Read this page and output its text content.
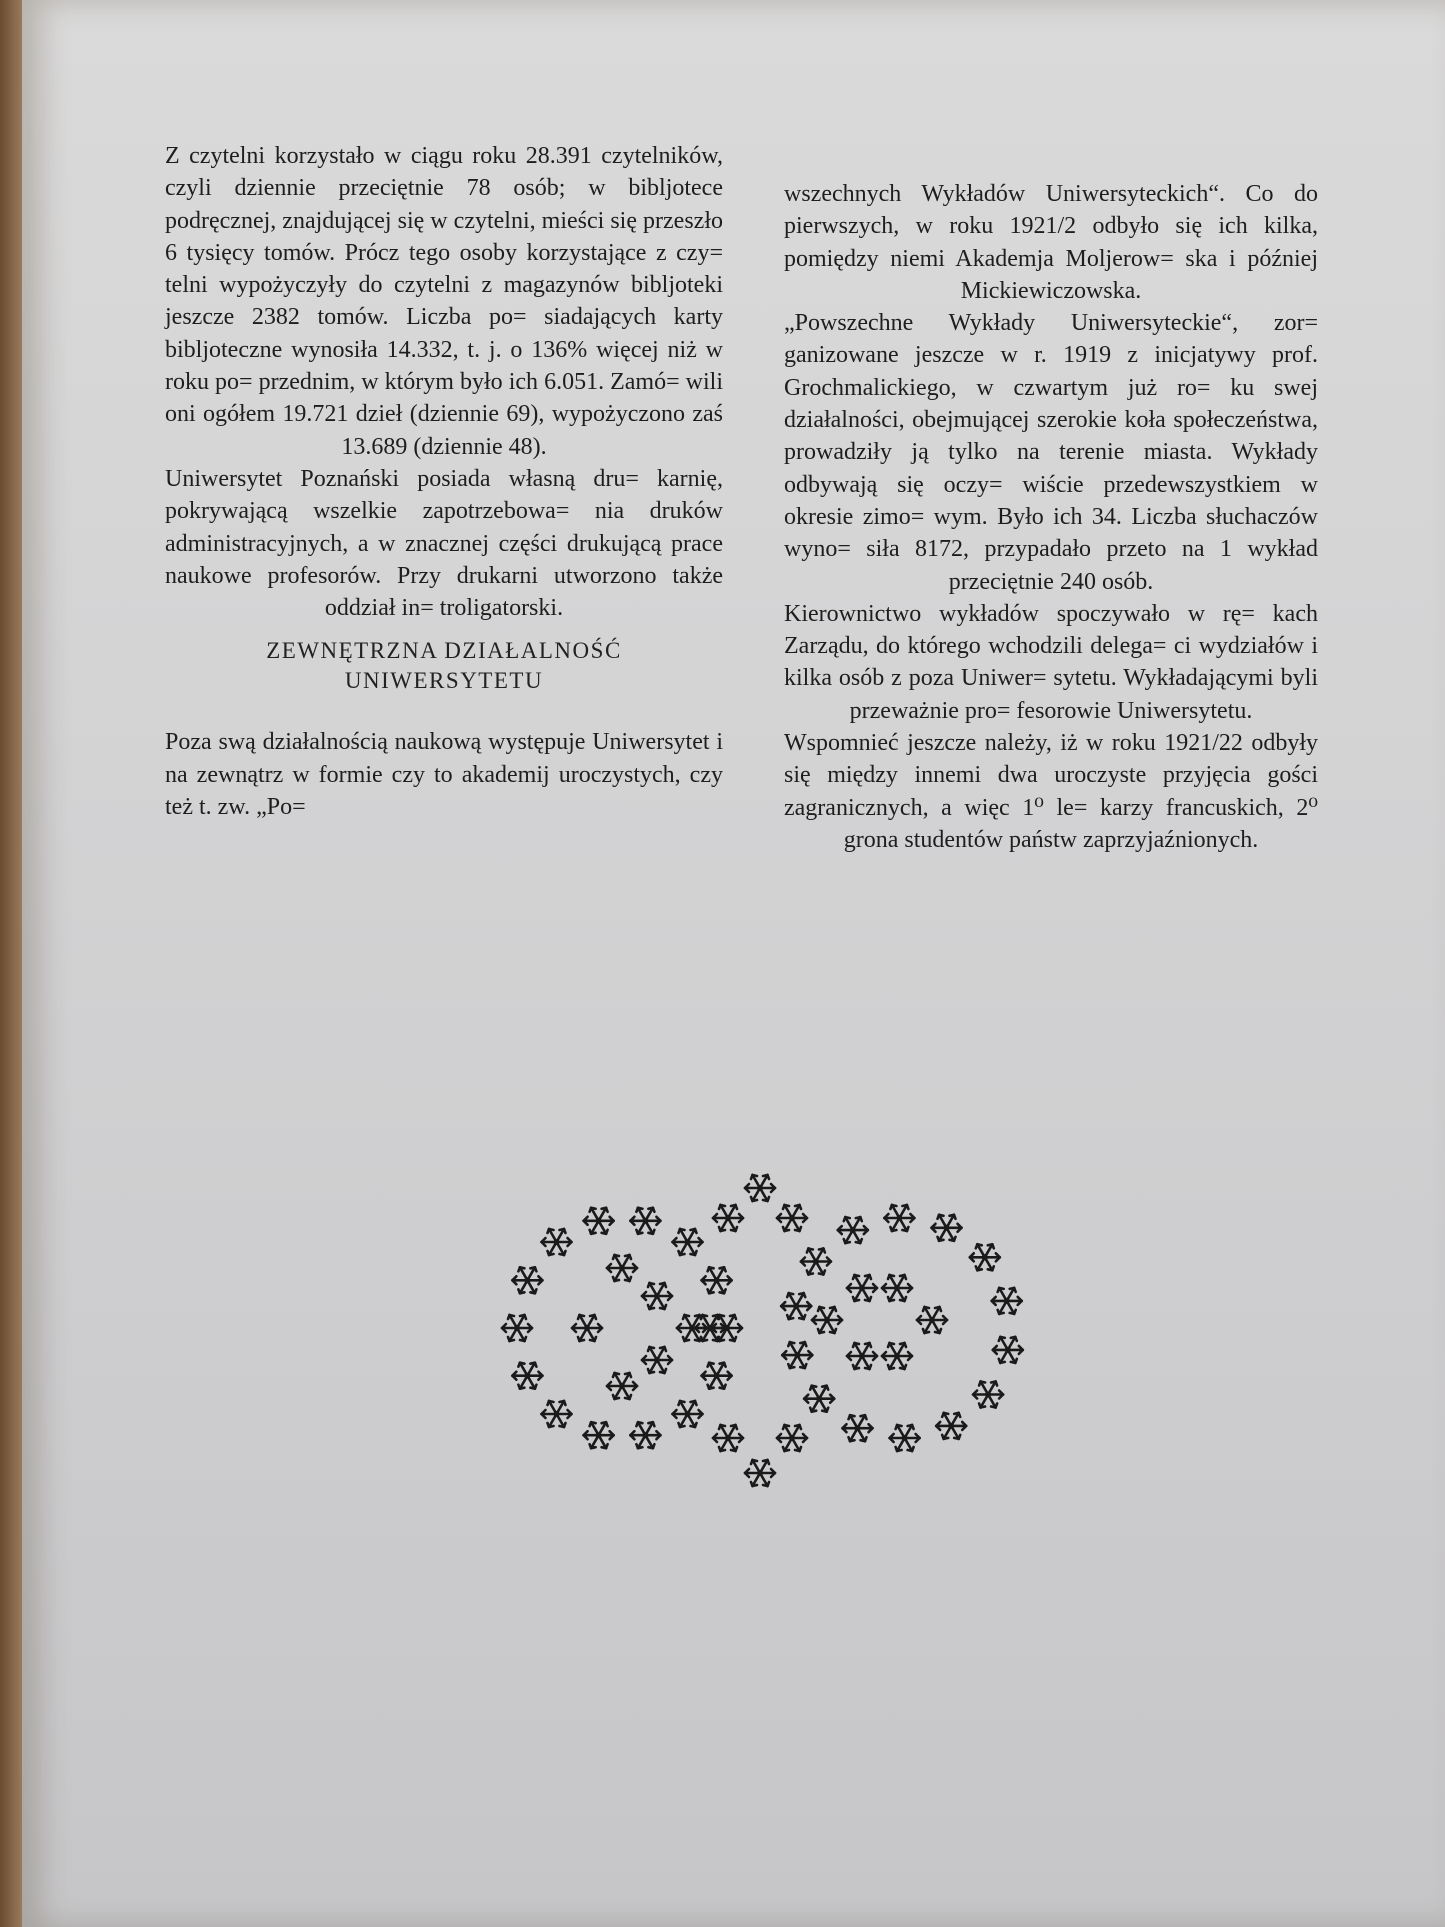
Z czytelni korzystało w ciągu roku 28.391 czytelników, czyli dziennie przeciętnie 78 osób; w bibljotece podręcznej, znajdującej się w czytelni, mieści się przeszło 6 tysięcy tomów. Prócz tego osoby korzystające z czy= telni wypożyczyły do czytelni z magazynów bibljoteki jeszcze 2382 tomów. Liczba po= siadających karty bibljoteczne wynosiła 14.332, t. j. o 136% więcej niż w roku po= przednim, w którym było ich 6.051. Zamó= wili oni ogółem 19.721 dzieł (dziennie 69), wypożyczono zaś 13.689 (dziennie 48).

Uniwersytet Poznański posiada własną dru= karnię, pokrywającą wszelkie zapotrzebowa= nia druków administracyjnych, a w znacznej części drukującą prace naukowe profesorów. Przy drukarni utworzono także oddział in= troligatorski.

ZEWNĘTRZNA DZIAŁALNOŚĆ
UNIWERSYTETU

Poza swą działalnością naukową występuje Uniwersytet i na zewnątrz w formie czy to akademij uroczystych, czy też t. zw. „Po=

wszechnych Wykładów Uniwersyteckich“. Co do pierwszych, w roku 1921/2 odbyło się ich kilka, pomiędzy niemi Akademja Moljerow= ska i później Mickiewiczowska.

„Powszechne Wykłady Uniwersyteckie“, zor= ganizowane jeszcze w r. 1919 z inicjatywy prof. Grochmalickiego, w czwartym już ro= ku swej działalności, obejmującej szerokie koła społeczeństwa, prowadziły ją tylko na terenie miasta. Wykłady odbywają się oczy= wiście przedewszystkiem w okresie zimo= wym. Było ich 34. Liczba słuchaczów wyno= siła 8172, przypadało przeto na 1 wykład przeciętnie 240 osób.

Kierownictwo wykładów spoczywało w rę= kach Zarządu, do którego wchodzili delega= ci wydziałów i kilka osób z poza Uniwer= sytetu. Wykładającymi byli przeważnie pro= fesorowie Uniwersytetu.

Wspomnieć jeszcze należy, iż w roku 1921/22 odbyły się między innemi dwa uroczyste przyjęcia gości zagranicznych, a więc 1⁰ le= karzy francuskich, 2⁰ grona studentów państw zaprzyjaźnionych.
